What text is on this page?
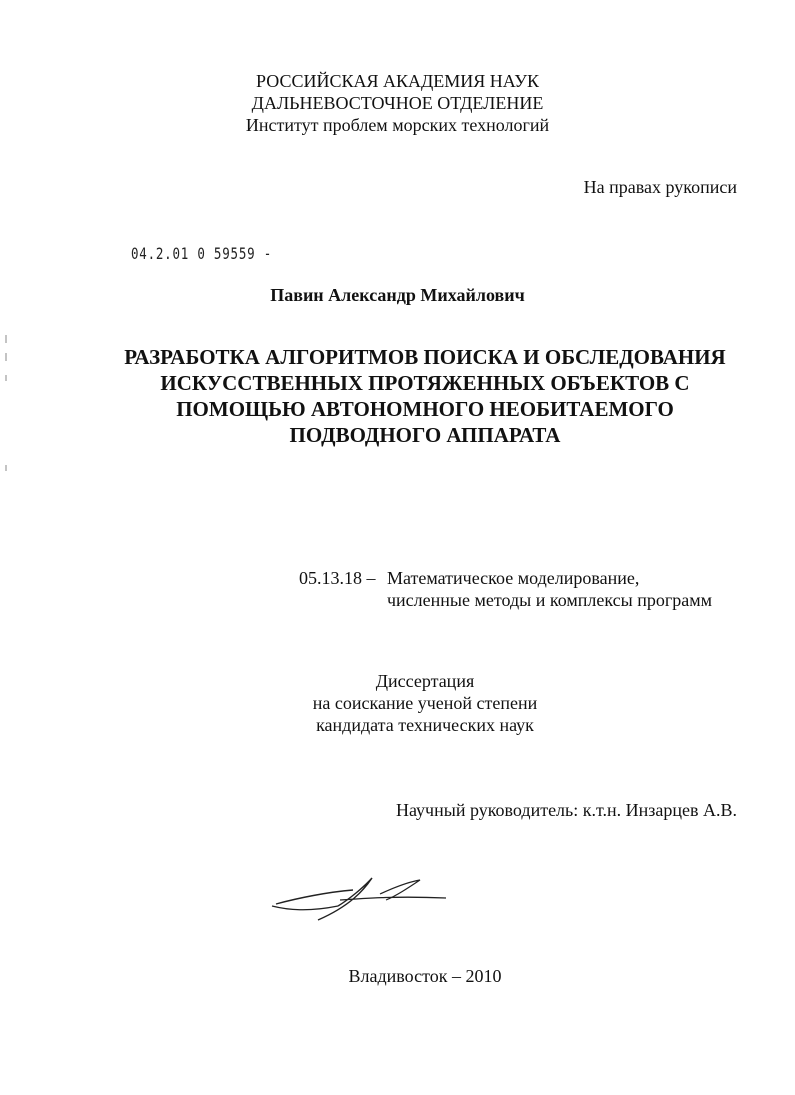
РОССИЙСКАЯ АКАДЕМИЯ НАУК
ДАЛЬНЕВОСТОЧНОЕ ОТДЕЛЕНИЕ
Институт проблем морских технологий
На правах рукописи
04.2.01 0 59559 -
Павин Александр Михайлович
РАЗРАБОТКА АЛГОРИТМОВ ПОИСКА И ОБСЛЕДОВАНИЯ
ИСКУССТВЕННЫХ ПРОТЯЖЕННЫХ ОБЪЕКТОВ С
ПОМОЩЬЮ АВТОНОМНОГО НЕОБИТАЕМОГО
ПОДВОДНОГО АППАРАТА
05.13.18 – Математическое моделирование,
численные методы и комплексы программ
Диссертация
на соискание ученой степени
кандидата технических наук
Научный руководитель: к.т.н. Инзарцев А.В.
Владивосток – 2010
